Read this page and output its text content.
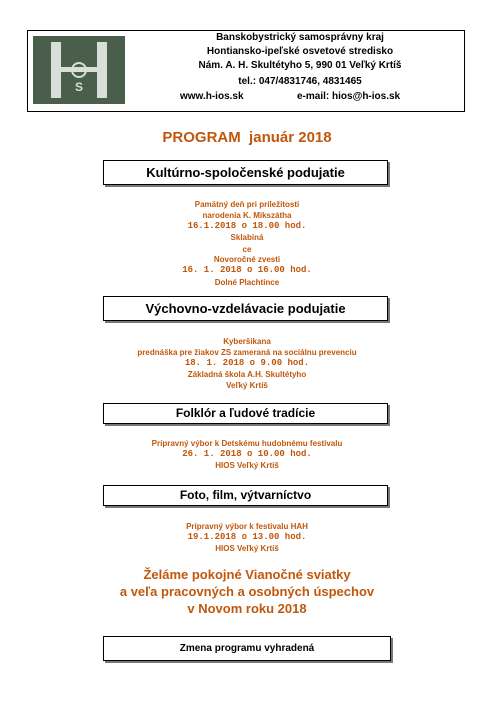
S
Banskobystrický samosprávny kraj
Hontiansko-ipeľské osvetové stredisko
Nám. A. H. Skultétyho 5, 990 01 Veľký Krtíš
tel.: 047/4831746, 4831465
www.h-ios.sk	e-mail: hios@h-ios.sk
PROGRAM  január 2018
Kultúrno-spoločenské podujatie
Pamätný deň pri príležitosti
narodenia K. Mikszátha
16.1.2018 o 18.00 hod.
Sklabiná
ce
Novoročné zvesti
16. 1. 2018 o 16.00 hod.
Dolné Plachtince
Výchovno-vzdelávacie podujatie
Kyberšikana
prednáška pre žiakov ZS zameraná na sociálnu prevenciu
18. 1. 2018 o 9.00 hod.
Základná škola A.H. Skultétyho
Veľký Krtíš
Folklór a ľudové tradície
Prípravný výbor k Detskému hudobnému festivalu
26. 1. 2018 o 10.00 hod.
HIOS Veľký Krtíš
Foto, film, výtvarníctvo
Prípravný výbor k festivalu HAH
19.1.2018 o 13.00 hod.
HIOS Veľký Krtíš
Želáme pokojné Vianočné sviatky
a veľa pracovných a osobných úspechov
v Novom roku 2018
Zmena programu vyhradená
